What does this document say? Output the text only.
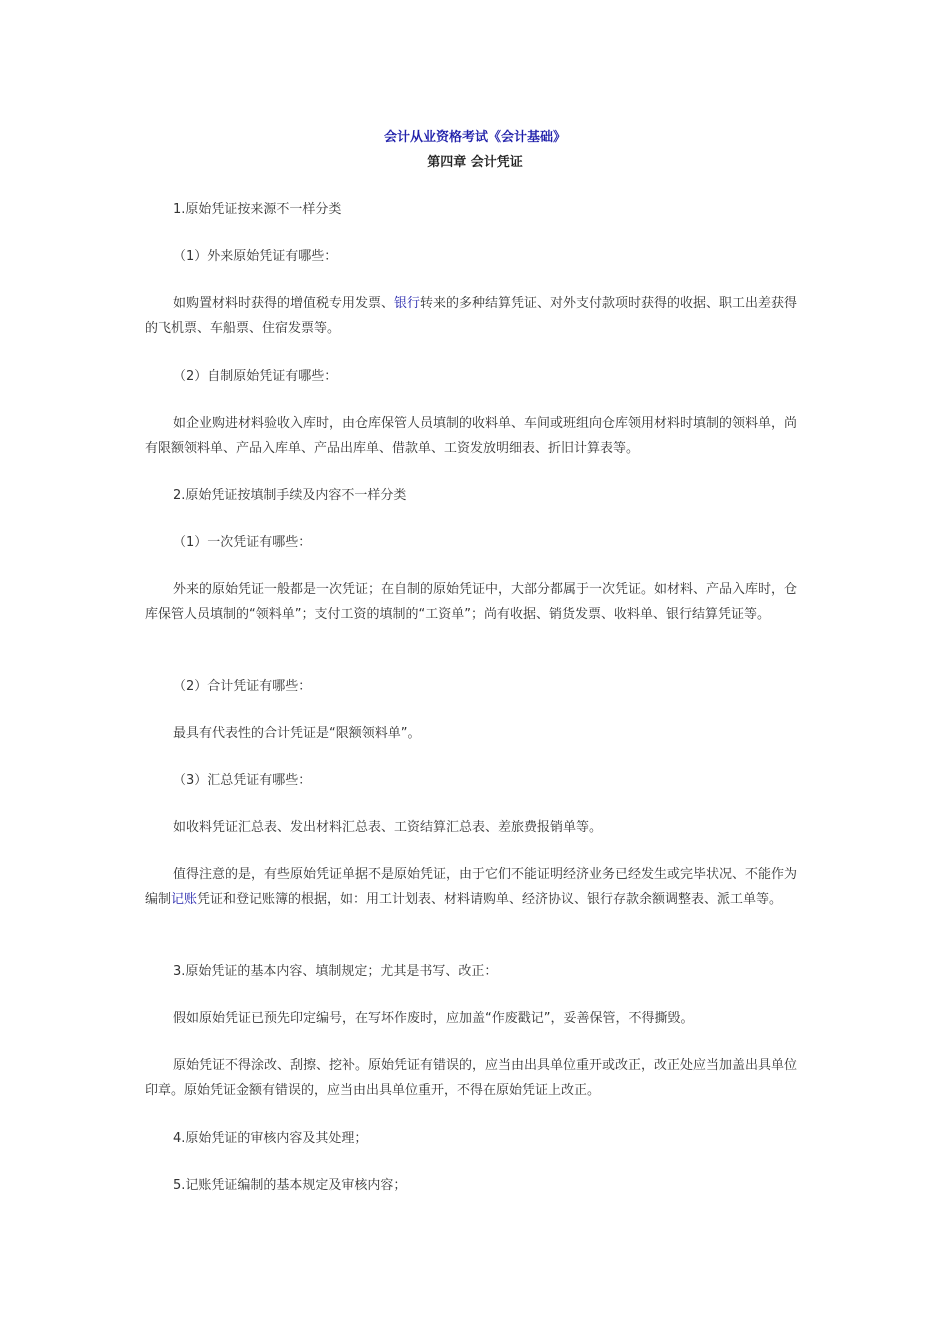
会计从业资格考试《会计基础》
第四章 会计凭证

1.原始凭证按来源不一样分类

（1）外来原始凭证有哪些：

如购置材料时获得的增值税专用发票、银行转来的多种结算凭证、对外支付款项时获得的收据、职工出差获得的飞机票、车船票、住宿发票等。

（2）自制原始凭证有哪些：

如企业购进材料验收入库时，由仓库保管人员填制的收料单、车间或班组向仓库领用材料时填制的领料单，尚有限额领料单、产品入库单、产品出库单、借款单、工资发放明细表、折旧计算表等。

2.原始凭证按填制手续及内容不一样分类

（1）一次凭证有哪些：

外来的原始凭证一般都是一次凭证；在自制的原始凭证中，大部分都属于一次凭证。如材料、产品入库时，仓库保管人员填制的“领料单”；支付工资的填制的“工资单”；尚有收据、销货发票、收料单、银行结算凭证等。

（2）合计凭证有哪些：

最具有代表性的合计凭证是“限额领料单”。

（3）汇总凭证有哪些：

如收料凭证汇总表、发出材料汇总表、工资结算汇总表、差旅费报销单等。

值得注意的是，有些原始凭证单据不是原始凭证，由于它们不能证明经济业务已经发生或完毕状况、不能作为编制记账凭证和登记账簿的根据，如：用工计划表、材料请购单、经济协议、银行存款余额调整表、派工单等。

3.原始凭证的基本内容、填制规定；尤其是书写、改正：

假如原始凭证已预先印定编号，在写坏作废时，应加盖“作废戳记”，妥善保管，不得撕毁。

原始凭证不得涂改、刮擦、挖补。原始凭证有错误的，应当由出具单位重开或改正，改正处应当加盖出具单位印章。原始凭证金额有错误的，应当由出具单位重开，不得在原始凭证上改正。

4.原始凭证的审核内容及其处理；

5.记账凭证编制的基本规定及审核内容；
